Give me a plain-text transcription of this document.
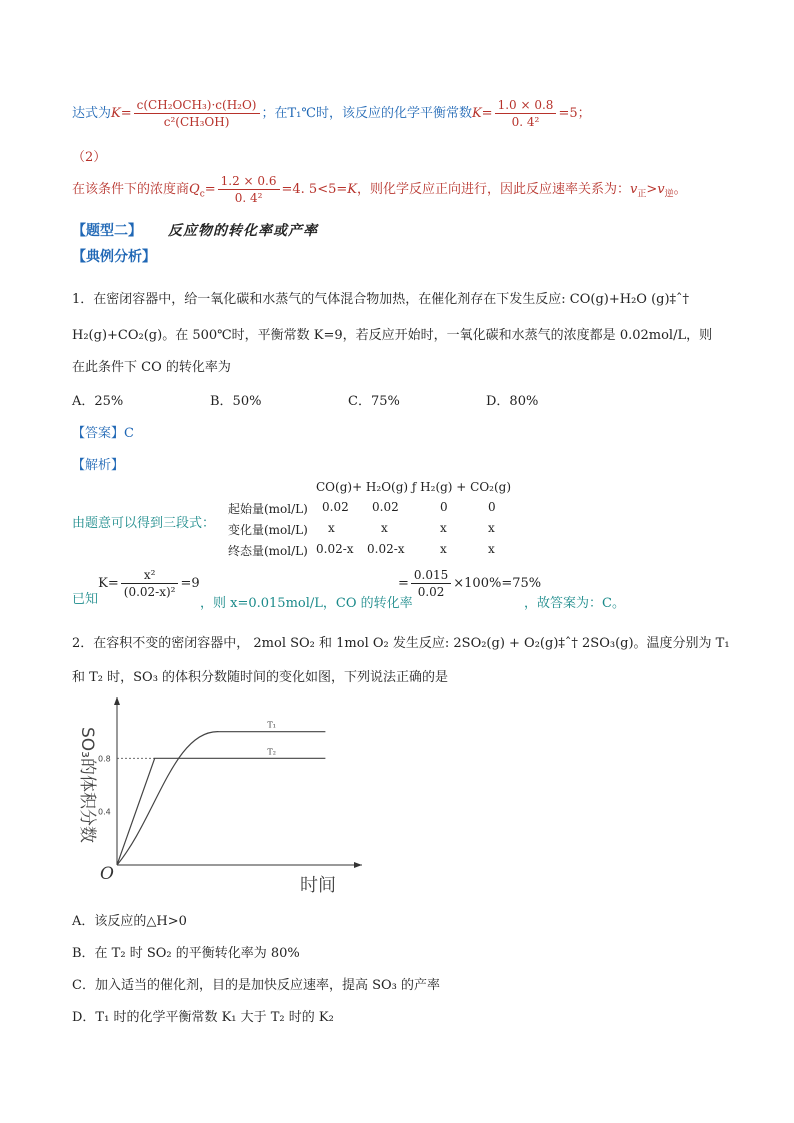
达式为$K= \frac{\text{c(CH₂OCH₃)·c(H₂O)}}{\text{c²(CH₃OH)}}$ ；在T₁℃时，该反应的化学平衡常数$K= \frac{1.0 \times 0.8}{\text{0. 4²}} =5$；
（2）
在该条件下的浓度商$Q_c= \frac{1.2 \times 0.6}{\text{0. 4²}} =4$. 5<5=K，则化学反应正向进行，因此反应速率关系为：$v_正>v_逆$。
【题型二】 反应物的转化率或产率
【典例分析】
1．在密闭容器中，给一氧化碳和水蒸气的气体混合物加热，在催化剂存在下发生反应: CO(g)+H₂O (g)‡ˆ†
H₂(g)+CO₂(g)。在 500℃时，平衡常数 K=9，若反应开始时，一氧化碳和水蒸气的浓度都是 0.02mol/L，则
在此条件下 CO 的转化率为
A．25%	B．50%	C．75%	D．80%
【答案】C
【解析】
CO(g)+ H₂O(g) ƒ H₂(g) + CO₂(g)
由题意可以得到三段式：
起始量(mol/L)	0.02 0.02	0	0
变化量(mol/L) x	x	x	x
终态量(mol/L) 0.02-x 0.02-x	x	x
已知 $K= \frac{\text{x²}}{\text{(0.02-x)²}} =9$
，则 x=0.015mol/L，CO 的转化率
= $\frac{0.015}{0.02} \times 100\%=75\%$
，故答案为：C。
2．在容积不变的密闭容器中， 2mol SO₂ 和 1mol O₂ 发生反应: 2SO₂(g) + O₂(g)‡ˆ† 2SO₃(g)。温度分别为 T₁
和 T₂ 时，SO₃ 的体积分数随时间的变化如图，下列说法正确的是
O
SO₃的体积分数
时间
0.4
0.8
T₁
T₂
A．该反应的△H>0
B．在 T₂ 时 SO₂ 的平衡转化率为 80%
C．加入适当的催化剂，目的是加快反应速率，提高 SO₃ 的产率
D．T₁ 时的化学平衡常数 K₁ 大于 T₂ 时的 K₂
